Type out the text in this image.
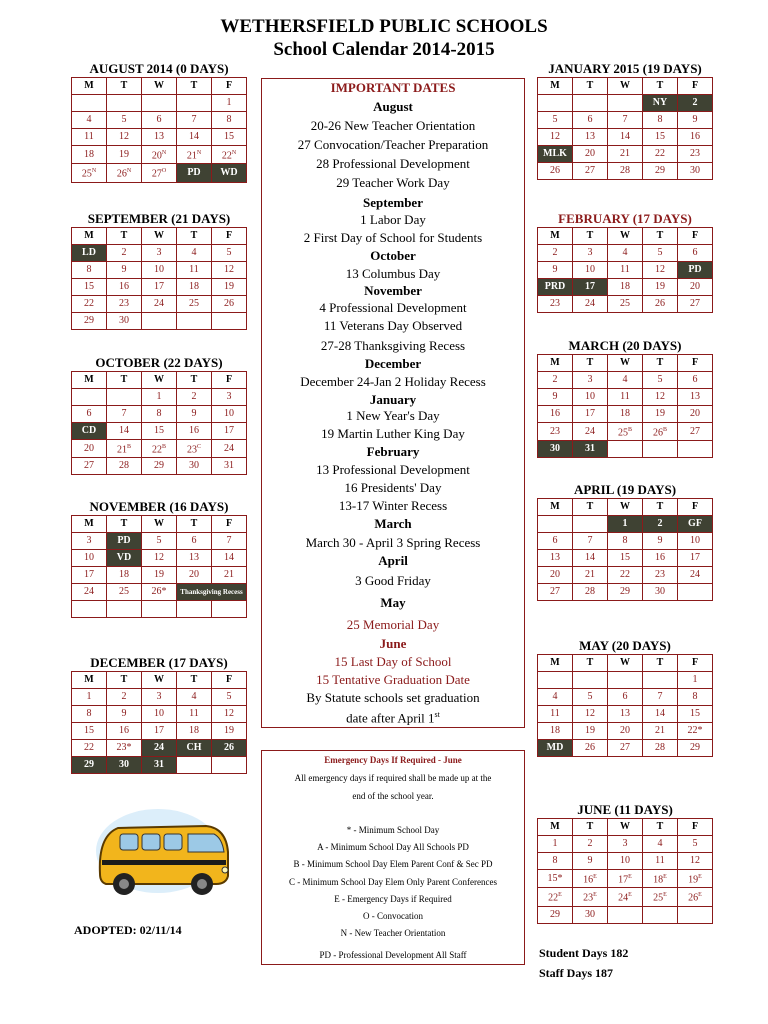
WETHERSFIELD PUBLIC SCHOOLS
School Calendar 2014-2015
AUGUST 2014 (0 DAYS)
M	T	W	T	F
				1
4	5	6	7	8
11	12	13	14	15
18	19	$20^N$	$21^N$	$22^N$
$25^N$	$26^N$	$27^O$	PD	WD
SEPTEMBER (21 DAYS)
M	T	W	T	F
LD	2	3	4	5
8	9	10	11	12
15	16	17	18	19
22	23	24	25	26
29	30			
OCTOBER (22 DAYS)
M	T	W	T	F
		1	2	3
6	7	8	9	10
CD	14	15	16	17
20	$21^B$	$22^B$	$23^C$	24
27	28	29	30	31
NOVEMBER (16 DAYS)
M	T	W	T	F
3	PD	5	6	7
10	VD	12	13	14
17	18	19	20	21
24	25	26*	Thanksgiving Recess	

DECEMBER (17 DAYS)
M	T	W	T	F
1	2	3	4	5
8	9	10	11	12
15	16	17	18	19
22	23*	24	CH	26
29	30	31		
JANUARY 2015 (19 DAYS)
M	T	W	T	F
			NY	2
5	6	7	8	9
12	13	14	15	16
MLK	20	21	22	23
26	27	28	29	30
FEBRUARY (17 DAYS)
M	T	W	T	F
2	3	4	5	6
9	10	11	12	PD
PRD	17	18	19	20
23	24	25	26	27
MARCH (20 DAYS)
M	T	W	T	F
2	3	4	5	6
9	10	11	12	13
16	17	18	19	20
23	24	$25^B$	$26^B$	27
30	31			
APRIL (19 DAYS)
M	T	W	T	F
		1	2	GF
6	7	8	9	10
13	14	15	16	17
20	21	22	23	24
27	28	29	30	
MAY (20 DAYS)
M	T	W	T	F
				1
4	5	6	7	8
11	12	13	14	15
18	19	20	21	22*
MD	26	27	28	29
JUNE (11 DAYS)
M	T	W	T	F
1	2	3	4	5
8	9	10	11	12
15*	$16^E$	$17^E$	$18^E$	$19^E$
$22^E$	$23^E$	$24^E$	$25^E$	$26^E$
29	30			
IMPORTANT DATES
August
20-26 New Teacher Orientation
27 Convocation/Teacher Preparation
28 Professional Development
29 Teacher Work Day
September
1 Labor Day
2 First Day of School for Students
October
13 Columbus Day
November
4 Professional Development
11 Veterans Day Observed
27-28 Thanksgiving Recess
December
December 24-Jan 2 Holiday Recess
January
1 New Year's Day
19 Martin Luther King Day
February
13 Professional Development
16 Presidents' Day
13-17 Winter Recess
March
March 30 - April 3 Spring Recess
April
3 Good Friday
May
25 Memorial Day
June
15 Last Day of School
15 Tentative Graduation Date
By Statute schools set graduation
date after April 1st
Emergency Days If Required - June
All emergency days if required shall be made up at the
end of the school year.
* - Minimum School Day
A - Minimum School Day All Schools PD
B - Minimum School Day Elem Parent Conf & Sec PD
C - Minimum School Day Elem Only Parent Conferences
E - Emergency Days if Required
O - Convocation
N - New Teacher Orientation
PD - Professional Development All Staff
ADOPTED: 02/11/14
Student Days 182
Staff Days 187
